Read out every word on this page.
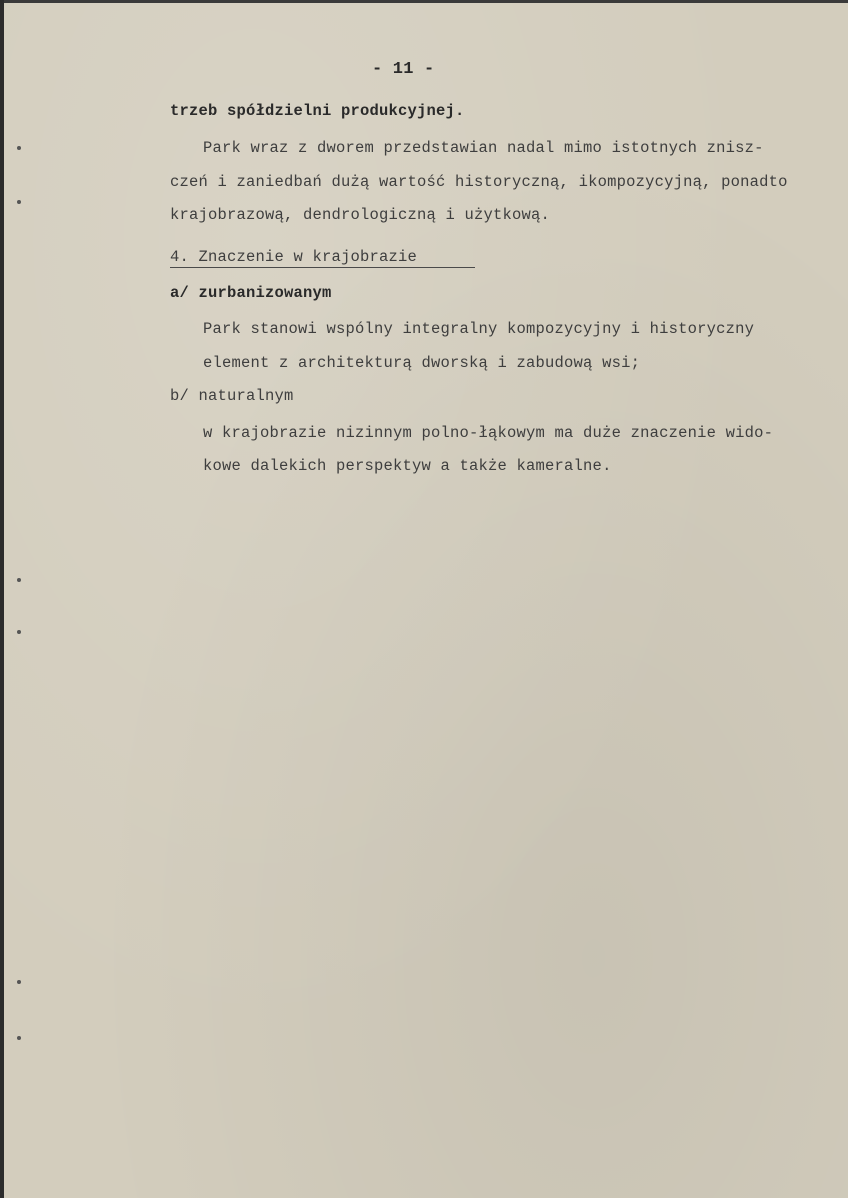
- 11 -
trzeb spółdzielni produkcyjnej.
Park wraz z dworem przedstawian nadal mimo istotnych znisz-
czeń i zaniedbań dużą wartość historyczną, ikompozycyjną, ponadto
krajobrazową, dendrologiczną i użytkową.
4. Znaczenie w krajobrazie
a/ zurbanizowanym
Park stanowi wspólny integralny kompozycyjny i historyczny
element z architekturą dworską i zabudową wsi;
b/ naturalnym
w krajobrazie nizinnym polno-łąkowym ma duże znaczenie wido-
kowe dalekich perspektyw a także kameralne.
